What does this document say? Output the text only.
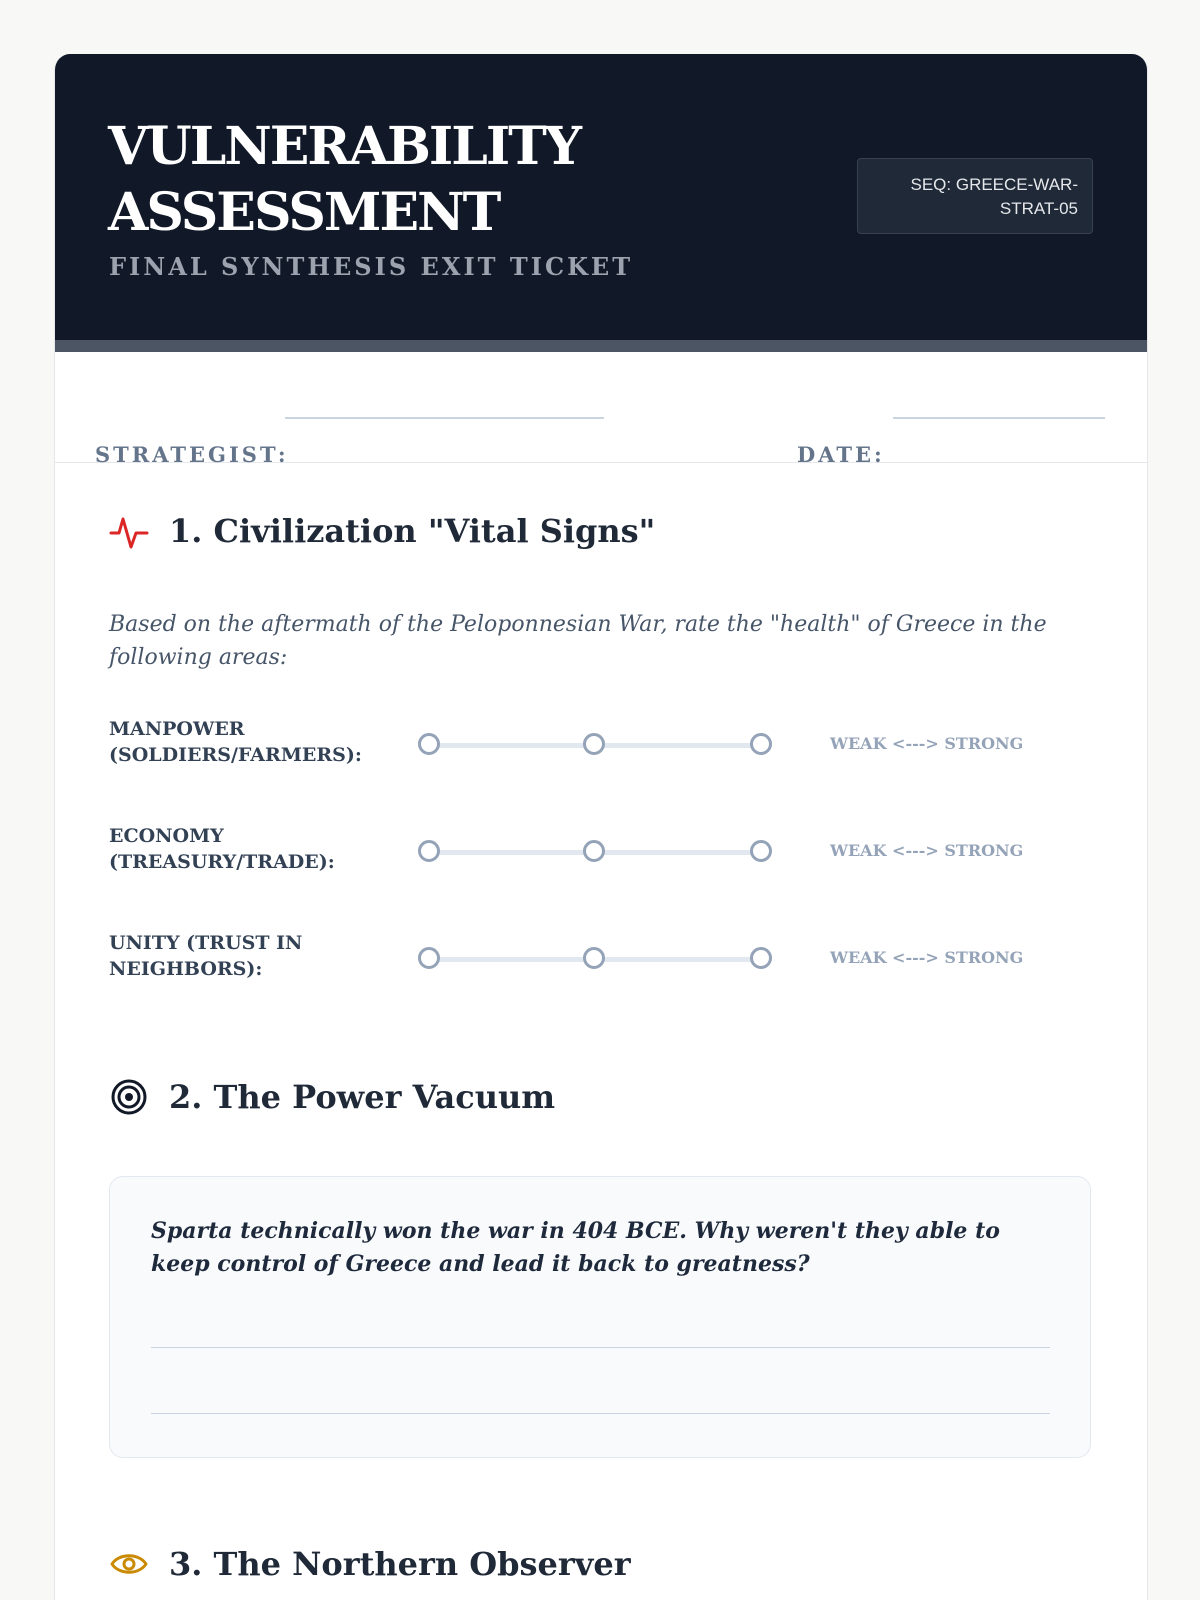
VULNERABILITY
ASSESSMENT
FINAL SYNTHESIS EXIT TICKET
SEQ: GREECE-WAR-STRAT-05
STRATEGIST:	DATE:
1. Civilization "Vital Signs"
Based on the aftermath of the Peloponnesian War, rate the "health" of Greece in the following areas:
MANPOWER (SOLDIERS/FARMERS):
WEAK <---> STRONG
ECONOMY (TREASURY/TRADE):
WEAK <---> STRONG
UNITY (TRUST IN NEIGHBORS):
WEAK <---> STRONG
2. The Power Vacuum
Sparta technically won the war in 404 BCE. Why weren't they able to keep control of Greece and lead it back to greatness?
3. The Northern Observer
